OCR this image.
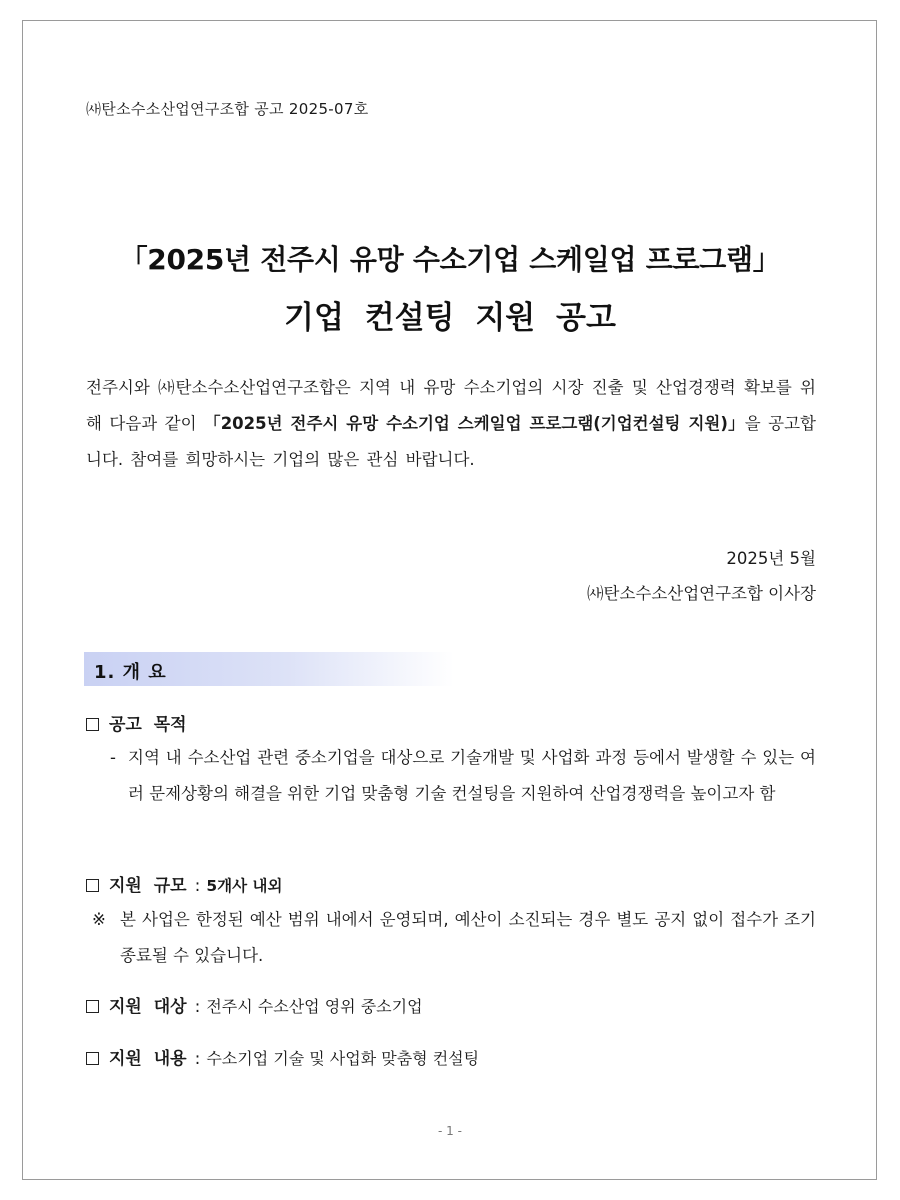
㈔탄소수소산업연구조합 공고 2025-07호
「2025년 전주시 유망 수소기업 스케일업 프로그램」
기업 컨설팅 지원 공고
전주시와 ㈔탄소수소산업연구조합은 지역 내 유망 수소기업의 시장 진출 및 산업경쟁력 확보를 위해 다음과 같이 「2025년 전주시 유망 수소기업 스케일업 프로그램(기업컨설팅 지원)」을 공고합니다. 참여를 희망하시는 기업의 많은 관심 바랍니다.
2025년 5월
㈔탄소수소산업연구조합 이사장
1. 개 요
공고 목적
- 지역 내 수소산업 관련 중소기업을 대상으로 기술개발 및 사업화 과정 등에서 발생할 수 있는 여러 문제상황의 해결을 위한 기업 맞춤형 기술 컨설팅을 지원하여 산업경쟁력을 높이고자 함
지원 규모 : 5개사 내외
※ 본 사업은 한정된 예산 범위 내에서 운영되며, 예산이 소진되는 경우 별도 공지 없이 접수가 조기 종료될 수 있습니다.
지원 대상 : 전주시 수소산업 영위 중소기업
지원 내용 : 수소기업 기술 및 사업화 맞춤형 컨설팅
- 1 -
